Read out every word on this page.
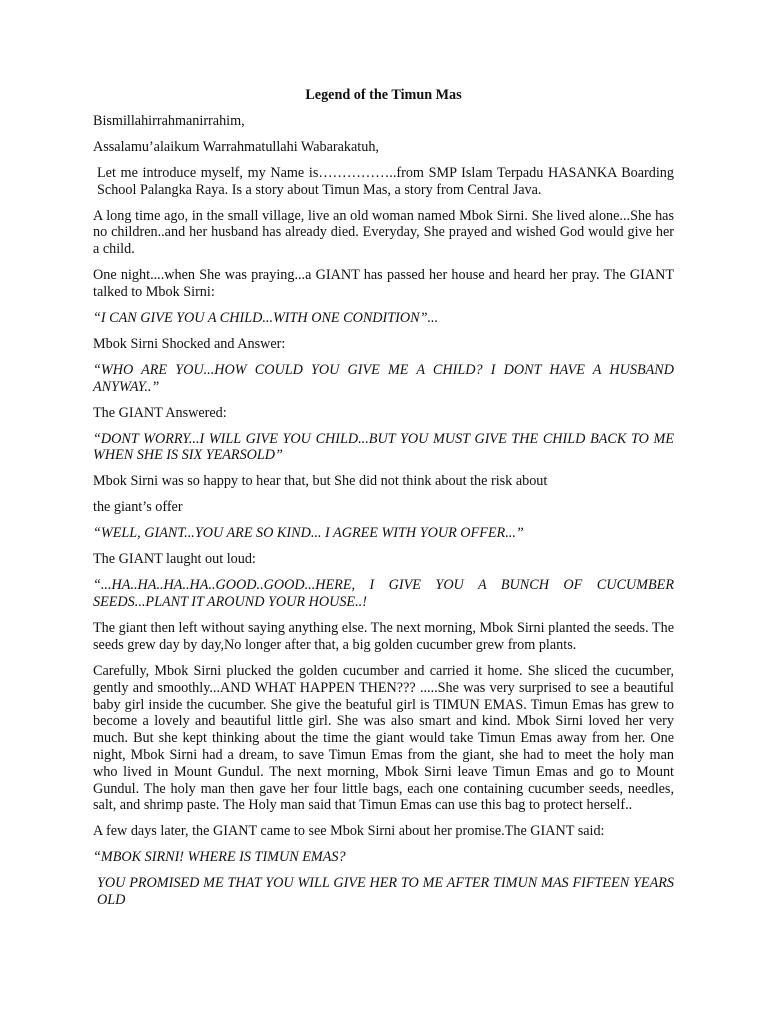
Legend of the Timun Mas

Bismillahirrahmanirrahim,

Assalamu’alaikum Warrahmatullahi Wabarakatuh,

Let me introduce myself, my Name is……………..from SMP Islam Terpadu HASANKA Boarding School Palangka Raya. Is a story about Timun Mas, a story from Central Java.

A long time ago, in the small village, live an old woman named Mbok Sirni. She lived alone...She has no children..and her husband has already died. Everyday, She prayed and wished God would give her a child.

One night....when She was praying...a GIANT has passed her house and heard her pray. The GIANT talked to Mbok Sirni:

“I CAN GIVE YOU A CHILD...WITH ONE CONDITION”...

Mbok Sirni Shocked and Answer:

“WHO ARE YOU...HOW COULD YOU GIVE ME A CHILD? I DONT HAVE A HUSBAND ANYWAY..”

The GIANT Answered:

“DONT WORRY...I WILL GIVE YOU CHILD...BUT YOU MUST GIVE THE CHILD BACK TO ME WHEN SHE IS SIX YEARSOLD”

Mbok Sirni was so happy to hear that, but She did not think about the risk about

the giant’s offer

“WELL, GIANT...YOU ARE SO KIND... I AGREE WITH YOUR OFFER...”

The GIANT laught out loud:

“...HA..HA..HA..HA..GOOD..GOOD...HERE, I GIVE YOU A BUNCH OF CUCUMBER SEEDS...PLANT IT AROUND YOUR HOUSE..!

The giant then left without saying anything else. The next morning, Mbok Sirni planted the seeds. The seeds grew day by day,No longer after that, a big golden cucumber grew from plants.

Carefully, Mbok Sirni plucked the golden cucumber and carried it home. She sliced the cucumber, gently and smoothly...AND WHAT HAPPEN THEN??? .....She was very surprised to see a beautiful baby girl inside the cucumber. She give the beatuful girl is TIMUN EMAS. Timun Emas has grew to become a lovely and beautiful little girl. She was also smart and kind. Mbok Sirni loved her very much. But she kept thinking about the time the giant would take Timun Emas away from her. One night, Mbok Sirni had a dream, to save Timun Emas from the giant, she had to meet the holy man who lived in Mount Gundul. The next morning, Mbok Sirni leave Timun Emas and go to Mount Gundul. The holy man then gave her four little bags, each one containing cucumber seeds, needles, salt, and shrimp paste. The Holy man said that Timun Emas can use this bag to protect herself..

A few days later, the GIANT came to see Mbok Sirni about her promise.The GIANT said:

“MBOK SIRNI! WHERE IS TIMUN EMAS?

YOU PROMISED ME THAT YOU WILL GIVE HER TO ME AFTER TIMUN MAS FIFTEEN YEARS OLD
